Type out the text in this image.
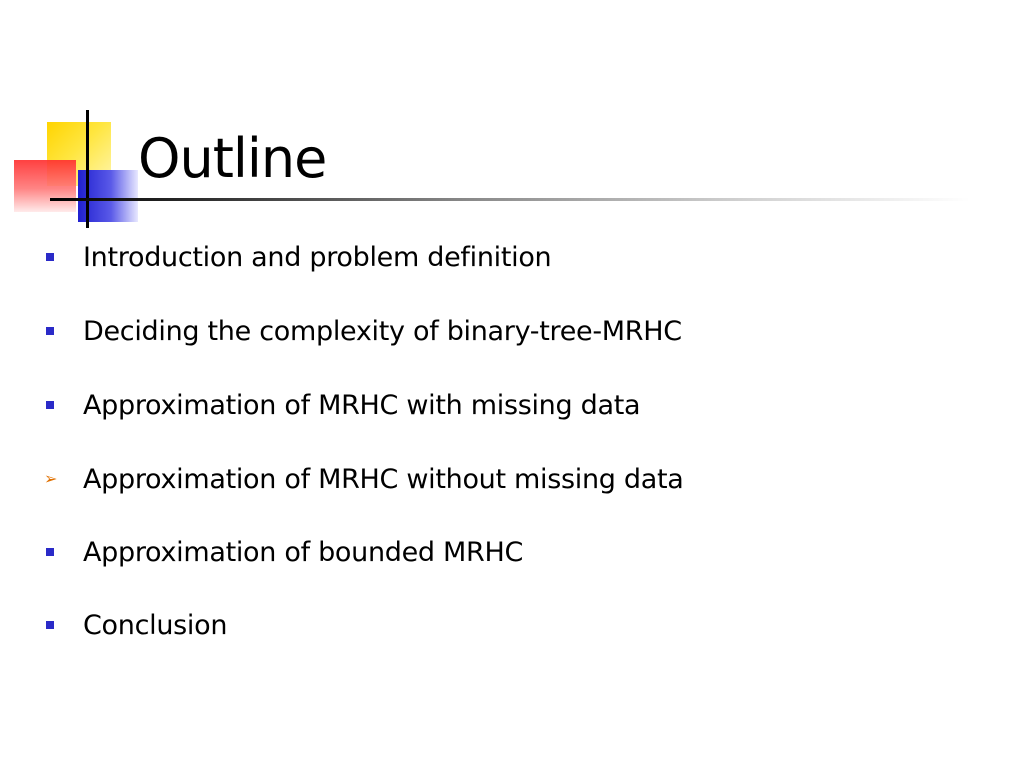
Outline
Introduction and problem definition
Deciding the complexity of binary-tree-MRHC
Approximation of MRHC with missing data
➢ Approximation of MRHC without missing data
Approximation of bounded MRHC
Conclusion
